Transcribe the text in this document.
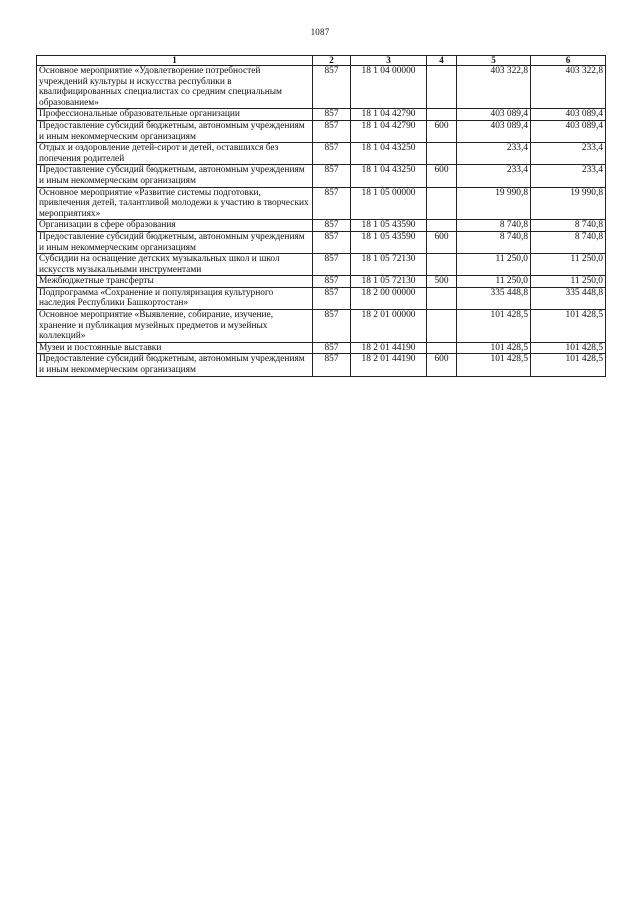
1087
1	2	3	4	5	6
Основное мероприятие «Удовлетворение потребностей учреждений культуры и искусства республики в квалифицированных специалистах со средним специальным образованием»	857	18 1 04 00000		403 322,8	403 322,8
Профессиональные образовательные организации	857	18 1 04 42790		403 089,4	403 089,4
Предоставление субсидий бюджетным, автономным учреждениям и иным некоммерческим организациям	857	18 1 04 42790	600	403 089,4	403 089,4
Отдых и оздоровление детей-сирот и детей, оставшихся без попечения родителей	857	18 1 04 43250		233,4	233,4
Предоставление субсидий бюджетным, автономным учреждениям и иным некоммерческим организациям	857	18 1 04 43250	600	233,4	233,4
Основное мероприятие «Развитие системы подготовки, привлечения детей, талантливой молодежи к участию в творческих мероприятиях»	857	18 1 05 00000		19 990,8	19 990,8
Организации в сфере образования	857	18 1 05 43590		8 740,8	8 740,8
Предоставление субсидий бюджетным, автономным учреждениям и иным некоммерческим организациям	857	18 1 05 43590	600	8 740,8	8 740,8
Субсидии на оснащение детских музыкальных школ и школ искусств музыкальными инструментами	857	18 1 05 72130		11 250,0	11 250,0
Межбюджетные трансферты	857	18 1 05 72130	500	11 250,0	11 250,0
Подпрограмма «Сохранение и популяризация культурного наследия Республики Башкортостан»	857	18 2 00 00000		335 448,8	335 448,8
Основное мероприятие «Выявление, собирание, изучение, хранение и публикация музейных предметов и музейных коллекций»	857	18 2 01 00000		101 428,5	101 428,5
Музеи и постоянные выставки	857	18 2 01 44190		101 428,5	101 428,5
Предоставление субсидий бюджетным, автономным учреждениям и иным некоммерческим организациям	857	18 2 01 44190	600	101 428,5	101 428,5
